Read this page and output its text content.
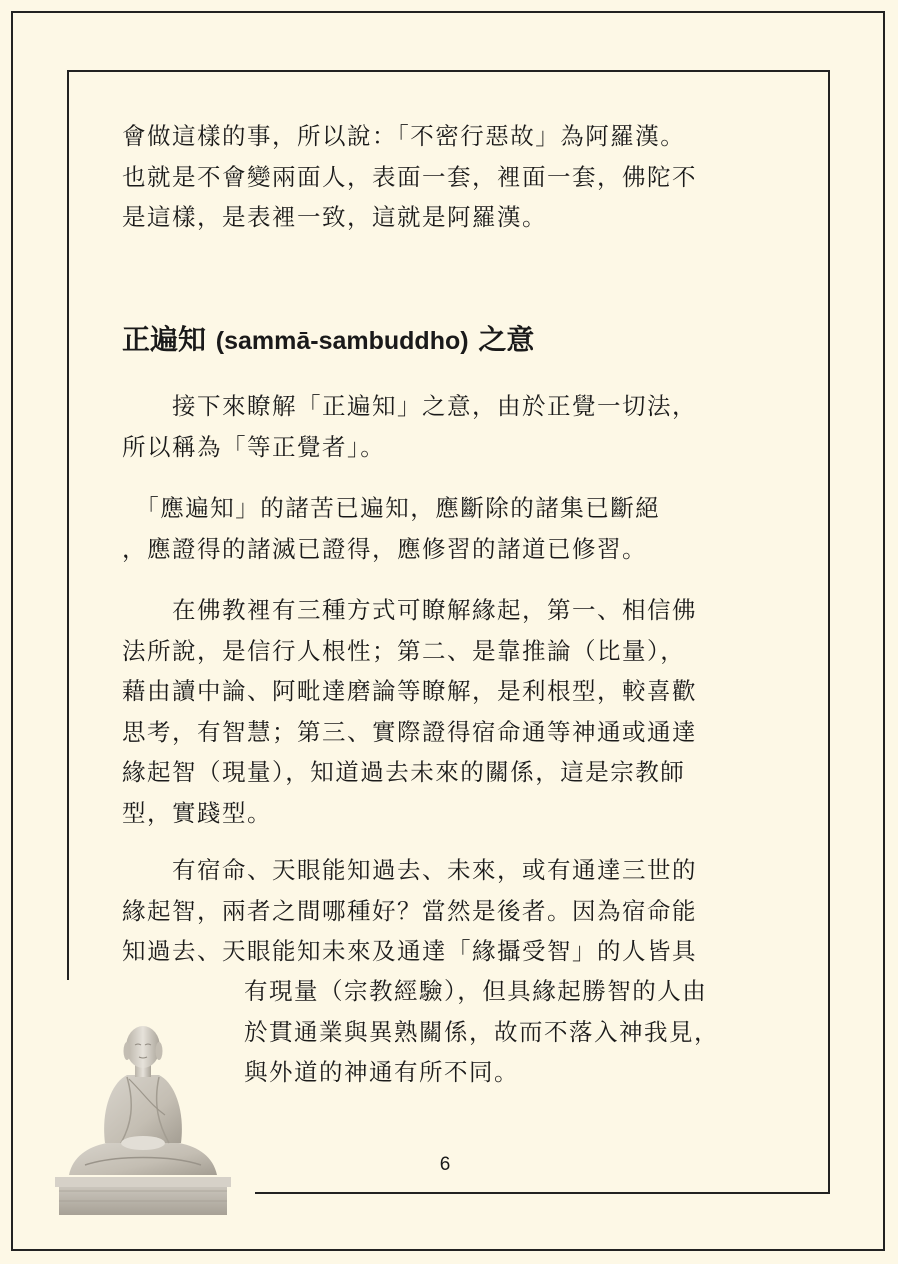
會做這樣的事，所以說：「不密行惡故」為阿羅漢。
也就是不會變兩面人，表面一套，裡面一套，佛陀不
是這樣，是表裡一致，這就是阿羅漢。
正遍知 (sammā-sambuddho) 之意
　　接下來瞭解「正遍知」之意，由於正覺一切法，
所以稱為「等正覺者」。
　「應遍知」的諸苦已遍知，應斷除的諸集已斷絕
，應證得的諸滅已證得，應修習的諸道已修習。
　　在佛教裡有三種方式可瞭解緣起，第一、相信佛
法所說，是信行人根性；第二、是靠推論（比量），
藉由讀中論、阿毗達磨論等瞭解，是利根型，較喜歡
思考，有智慧；第三、實際證得宿命通等神通或通達
緣起智（現量），知道過去未來的關係，這是宗教師
型，實踐型。
　　有宿命、天眼能知過去、未來，或有通達三世的
緣起智，兩者之間哪種好？當然是後者。因為宿命能
知過去、天眼能知未來及通達「緣攝受智」的人皆具
有現量（宗教經驗），但具緣起勝智的人由
於貫通業與異熟關係，故而不落入神我見，
與外道的神通有所不同。
6
